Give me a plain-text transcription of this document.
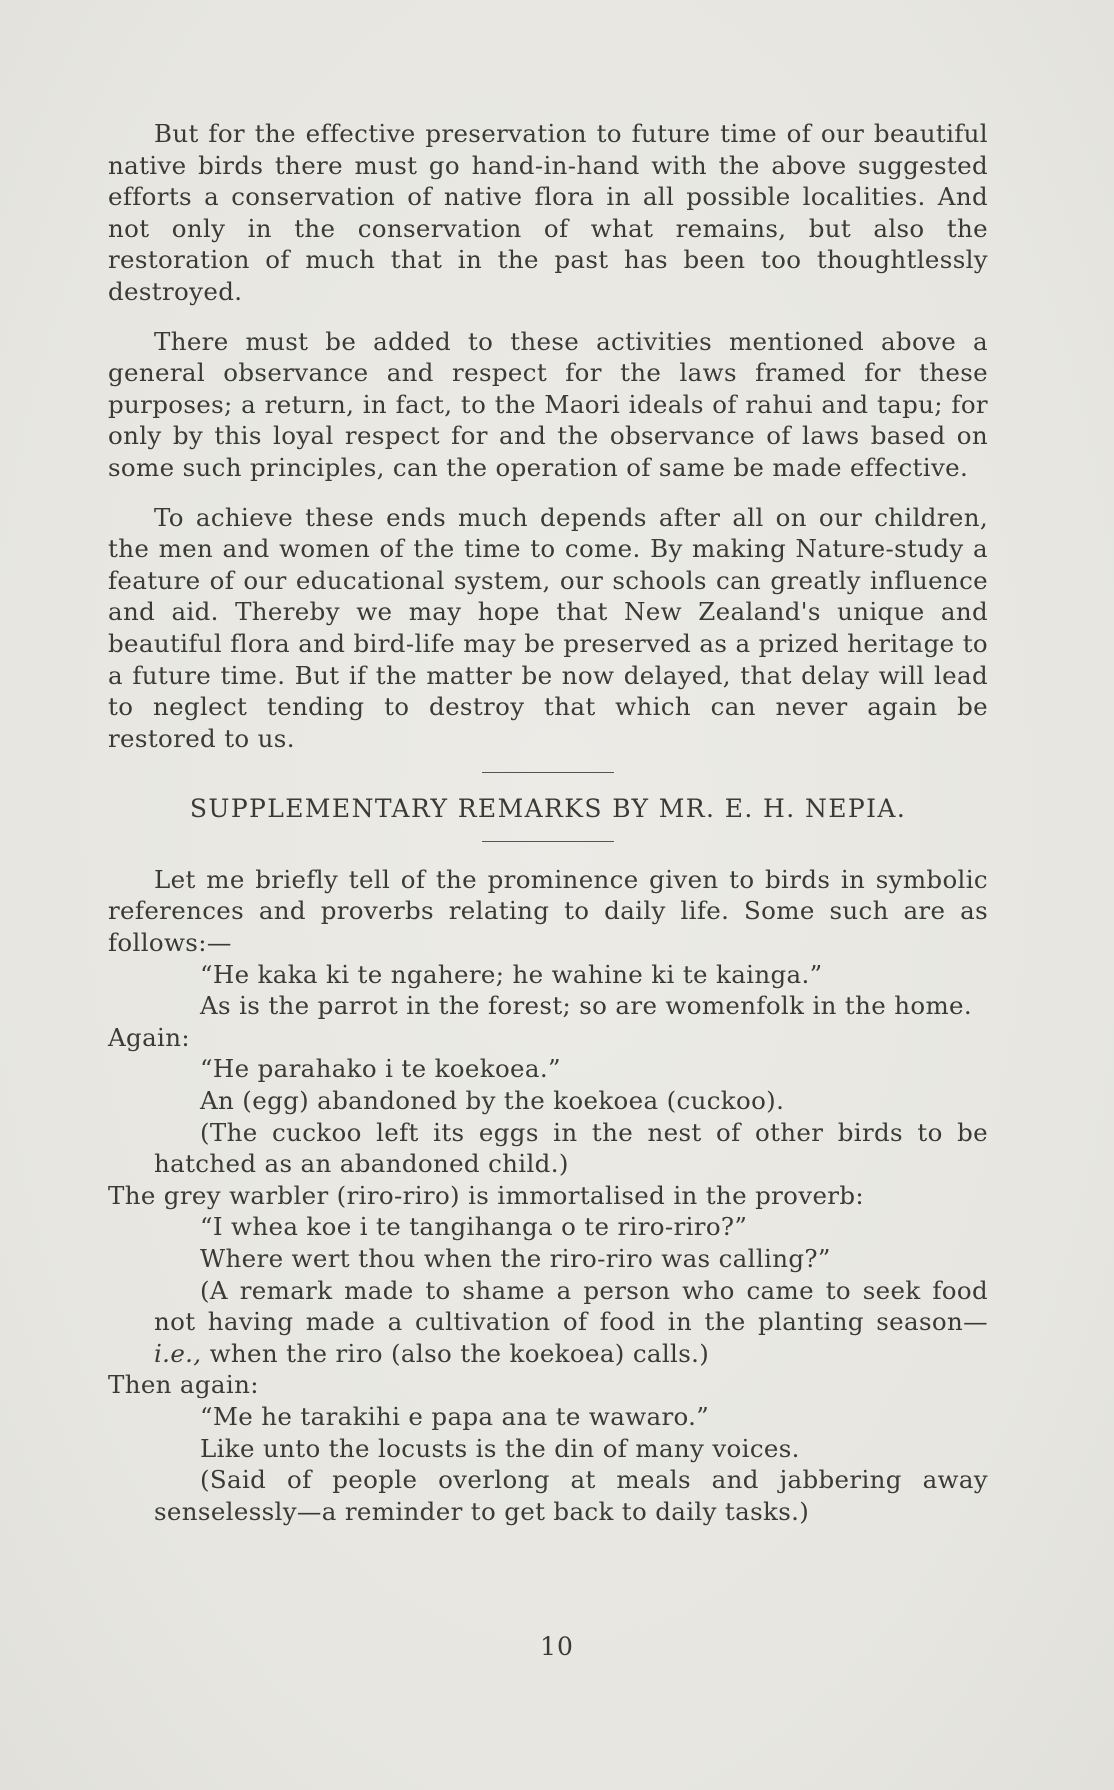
But for the effective preservation to future time of our beautiful native birds there must go hand-in-hand with the above suggested efforts a conservation of native flora in all possible localities. And not only in the conservation of what remains, but also the restoration of much that in the past has been too thoughtlessly destroyed.

There must be added to these activities mentioned above a general observance and respect for the laws framed for these purposes; a return, in fact, to the Maori ideals of rahui and tapu; for only by this loyal respect for and the observance of laws based on some such principles, can the operation of same be made effective.

To achieve these ends much depends after all on our children, the men and women of the time to come. By making Nature-study a feature of our educational system, our schools can greatly influence and aid. Thereby we may hope that New Zealand's unique and beautiful flora and bird-life may be preserved as a prized heritage to a future time. But if the matter be now delayed, that delay will lead to neglect tending to destroy that which can never again be restored to us.

SUPPLEMENTARY REMARKS BY MR. E. H. NEPIA.

Let me briefly tell of the prominence given to birds in symbolic references and proverbs relating to daily life. Some such are as follows:—

“He kaka ki te ngahere; he wahine ki te kainga.”

As is the parrot in the forest; so are womenfolk in the home.

Again:

“He parahako i te koekoea.”

An (egg) abandoned by the koekoea (cuckoo).

(The cuckoo left its eggs in the nest of other birds to be hatched as an abandoned child.)

The grey warbler (riro-riro) is immortalised in the proverb:

“I whea koe i te tangihanga o te riro-riro?”

Where wert thou when the riro-riro was calling?”

(A remark made to shame a person who came to seek food not having made a cultivation of food in the planting season—i.e., when the riro (also the koekoea) calls.)

Then again:

“Me he tarakihi e papa ana te wawaro.”

Like unto the locusts is the din of many voices.

(Said of people overlong at meals and jabbering away senselessly—a reminder to get back to daily tasks.)

10
